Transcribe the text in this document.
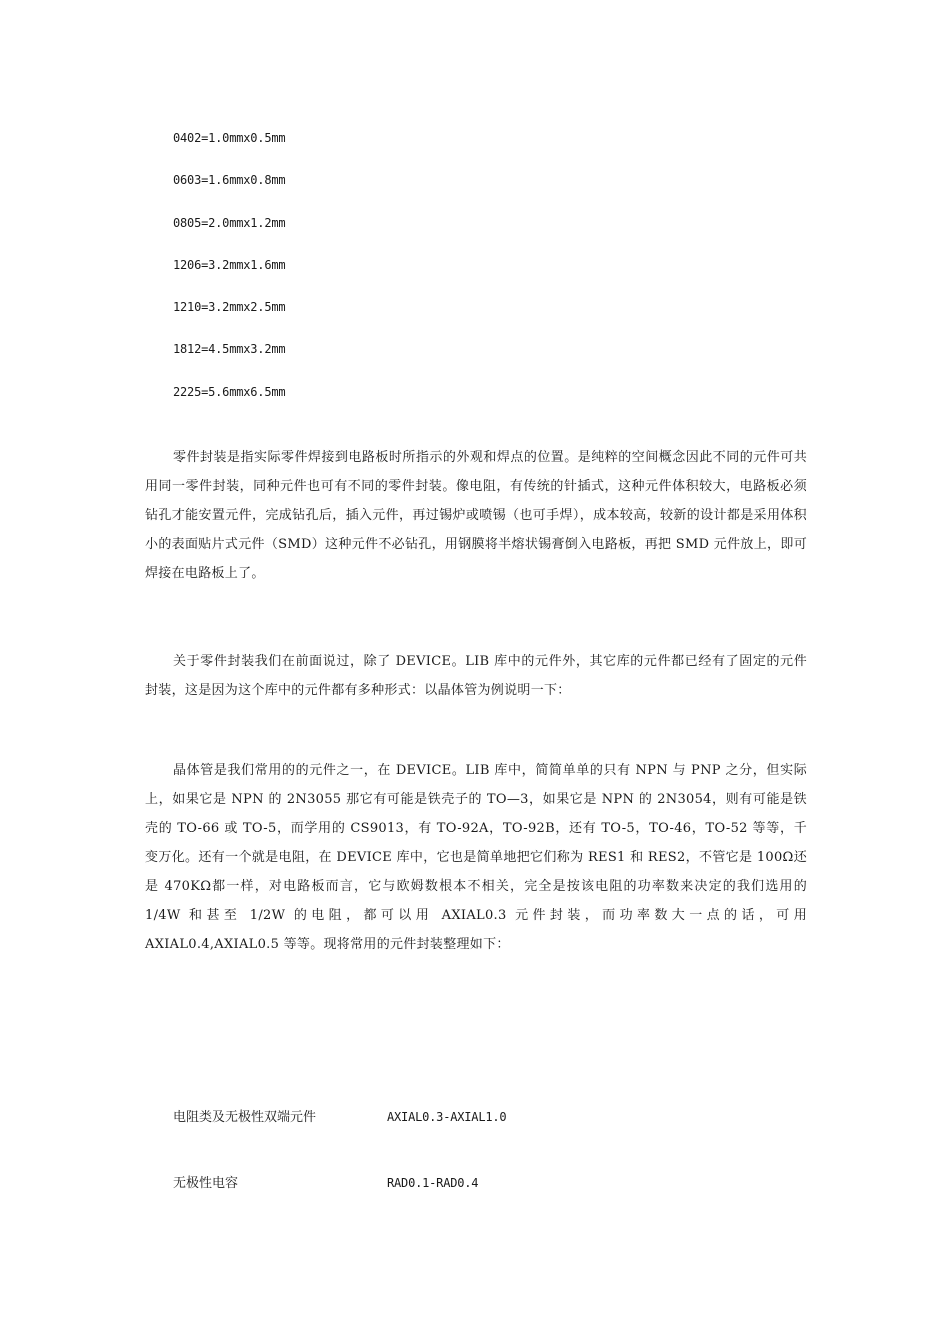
0402=1.0mmx0.5mm
0603=1.6mmx0.8mm
0805=2.0mmx1.2mm
1206=3.2mmx1.6mm
1210=3.2mmx2.5mm
1812=4.5mmx3.2mm
2225=5.6mmx6.5mm

零件封装是指实际零件焊接到电路板时所指示的外观和焊点的位置。是纯粹的空间概念因此不同的元件可共用同一零件封装，同种元件也可有不同的零件封装。像电阻，有传统的针插式，这种元件体积较大，电路板必须钻孔才能安置元件，完成钻孔后，插入元件，再过锡炉或喷锡（也可手焊），成本较高，较新的设计都是采用体积小的表面贴片式元件（SMD）这种元件不必钻孔，用钢膜将半熔状锡膏倒入电路板，再把 SMD 元件放上，即可焊接在电路板上了。

关于零件封装我们在前面说过，除了 DEVICE。LIB 库中的元件外，其它库的元件都已经有了固定的元件封装，这是因为这个库中的元件都有多种形式：以晶体管为例说明一下：

晶体管是我们常用的的元件之一，在 DEVICE。LIB 库中，简简单单的只有 NPN 与 PNP 之分，但实际上，如果它是 NPN 的 2N3055 那它有可能是铁壳子的 TO—3，如果它是 NPN 的 2N3054，则有可能是铁壳的 TO-66 或 TO-5，而学用的 CS9013，有 TO-92A，TO-92B，还有 TO-5，TO-46，TO-52 等等，千变万化。还有一个就是电阻，在 DEVICE 库中，它也是简单地把它们称为 RES1 和 RES2，不管它是 100Ω还是 470KΩ都一样，对电路板而言，它与欧姆数根本不相关，完全是按该电阻的功率数来决定的我们选用的 1/4W 和甚至 1/2W 的电阻，都可以用 AXIAL0.3 元件封装，而功率数大一点的话，可用 AXIAL0.4,AXIAL0.5 等等。现将常用的元件封装整理如下：

电阻类及无极性双端元件	AXIAL0.3-AXIAL1.0
无极性电容	RAD0.1-RAD0.4
